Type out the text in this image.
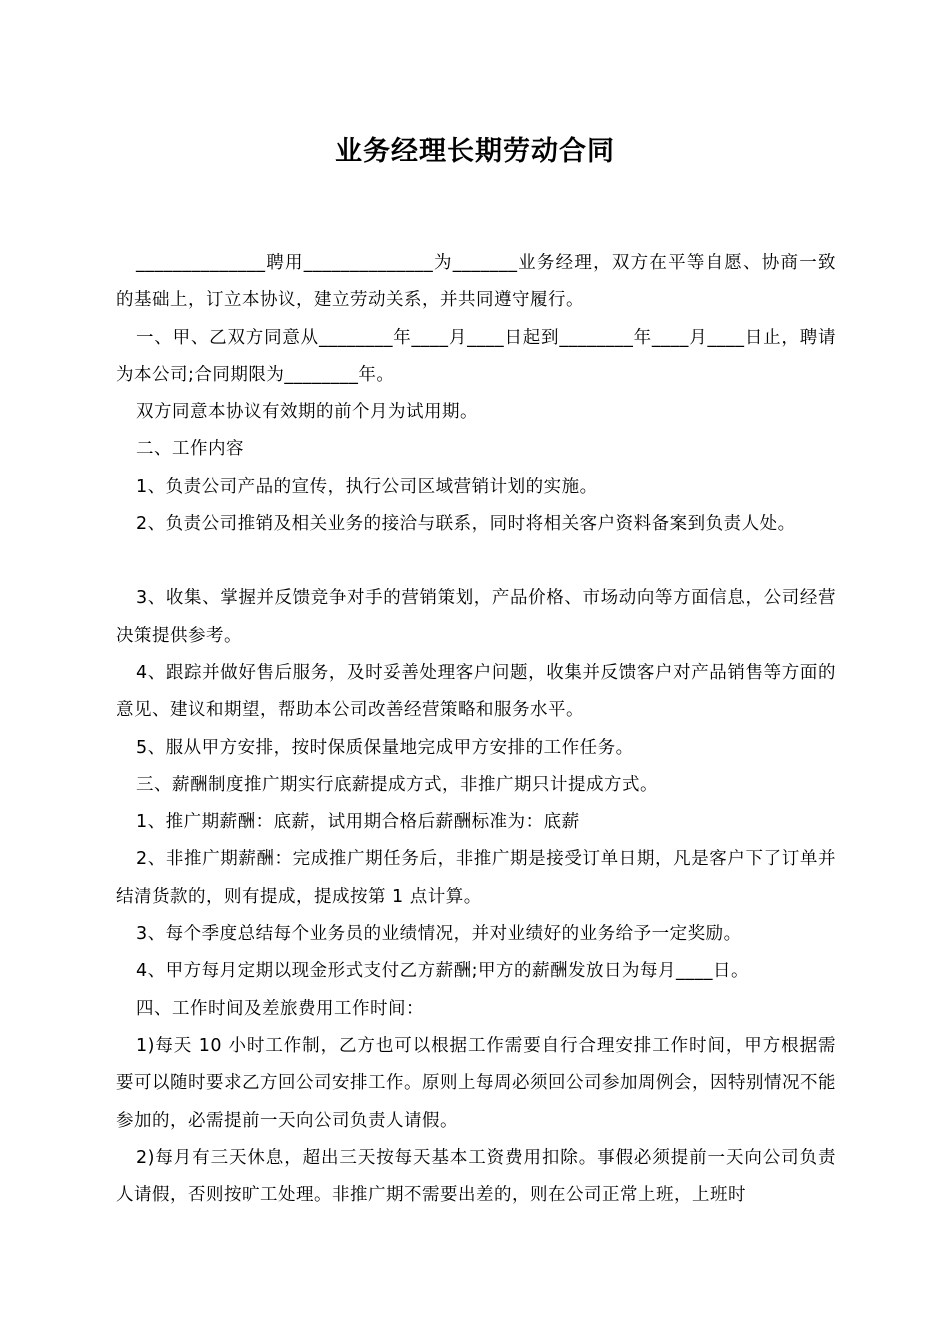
业务经理长期劳动合同

______________聘用______________为_______业务经理，双方在平等自愿、协商一致的基础上，订立本协议，建立劳动关系，并共同遵守履行。

一、甲、乙双方同意从________年____月____日起到________年____月____日止，聘请为本公司;合同期限为________年。

双方同意本协议有效期的前个月为试用期。

二、工作内容

1、负责公司产品的宣传，执行公司区域营销计划的实施。

2、负责公司推销及相关业务的接洽与联系，同时将相关客户资料备案到负责人处。

3、收集、掌握并反馈竞争对手的营销策划，产品价格、市场动向等方面信息，公司经营决策提供参考。

4、跟踪并做好售后服务，及时妥善处理客户问题，收集并反馈客户对产品销售等方面的意见、建议和期望，帮助本公司改善经营策略和服务水平。

5、服从甲方安排，按时保质保量地完成甲方安排的工作任务。

三、薪酬制度推广期实行底薪提成方式，非推广期只计提成方式。

1、推广期薪酬：底薪，试用期合格后薪酬标准为：底薪

2、非推广期薪酬：完成推广期任务后，非推广期是接受订单日期，凡是客户下了订单并结清货款的，则有提成，提成按第 1 点计算。

3、每个季度总结每个业务员的业绩情况，并对业绩好的业务给予一定奖励。

4、甲方每月定期以现金形式支付乙方薪酬;甲方的薪酬发放日为每月____日。

四、工作时间及差旅费用工作时间：

1)每天 10 小时工作制，乙方也可以根据工作需要自行合理安排工作时间，甲方根据需要可以随时要求乙方回公司安排工作。原则上每周必须回公司参加周例会，因特别情况不能参加的，必需提前一天向公司负责人请假。

2)每月有三天休息，超出三天按每天基本工资费用扣除。事假必须提前一天向公司负责人请假，否则按旷工处理。非推广期不需要出差的，则在公司正常上班，上班时
